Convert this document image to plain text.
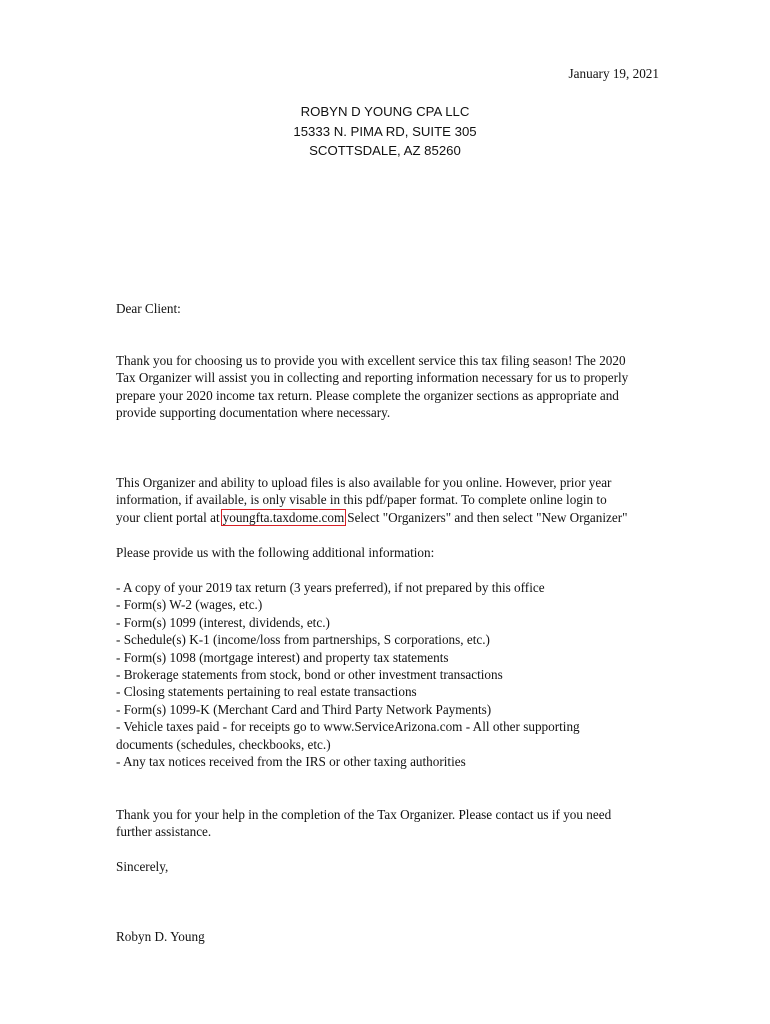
January 19, 2021
ROBYN D YOUNG CPA LLC
15333 N. PIMA RD, SUITE 305
SCOTTSDALE, AZ 85260
Dear Client:
Thank you for choosing us to provide you with excellent service this tax filing season! The 2020
Tax Organizer will assist you in collecting and reporting information necessary for us to properly
prepare your 2020 income tax return. Please complete the organizer sections as appropriate and
provide supporting documentation where necessary.
This Organizer and ability to upload files is also available for you online. However, prior year
information, if available, is only visable in this pdf/paper format. To complete online login to
your client portal at youngfta.taxdome.com Select "Organizers" and then select "New Organizer"
Please provide us with the following additional information:
- A copy of your 2019 tax return (3 years preferred), if not prepared by this office
- Form(s) W-2 (wages, etc.)
- Form(s) 1099 (interest, dividends, etc.)
- Schedule(s) K-1 (income/loss from partnerships, S corporations, etc.)
- Form(s) 1098 (mortgage interest) and property tax statements
- Brokerage statements from stock, bond or other investment transactions
- Closing statements pertaining to real estate transactions
- Form(s) 1099-K (Merchant Card and Third Party Network Payments)
- Vehicle taxes paid - for receipts go to www.ServiceArizona.com - All other supporting
documents (schedules, checkbooks, etc.)
- Any tax notices received from the IRS or other taxing authorities
Thank you for your help in the completion of the Tax Organizer. Please contact us if you need
further assistance.
Sincerely,
Robyn D. Young
